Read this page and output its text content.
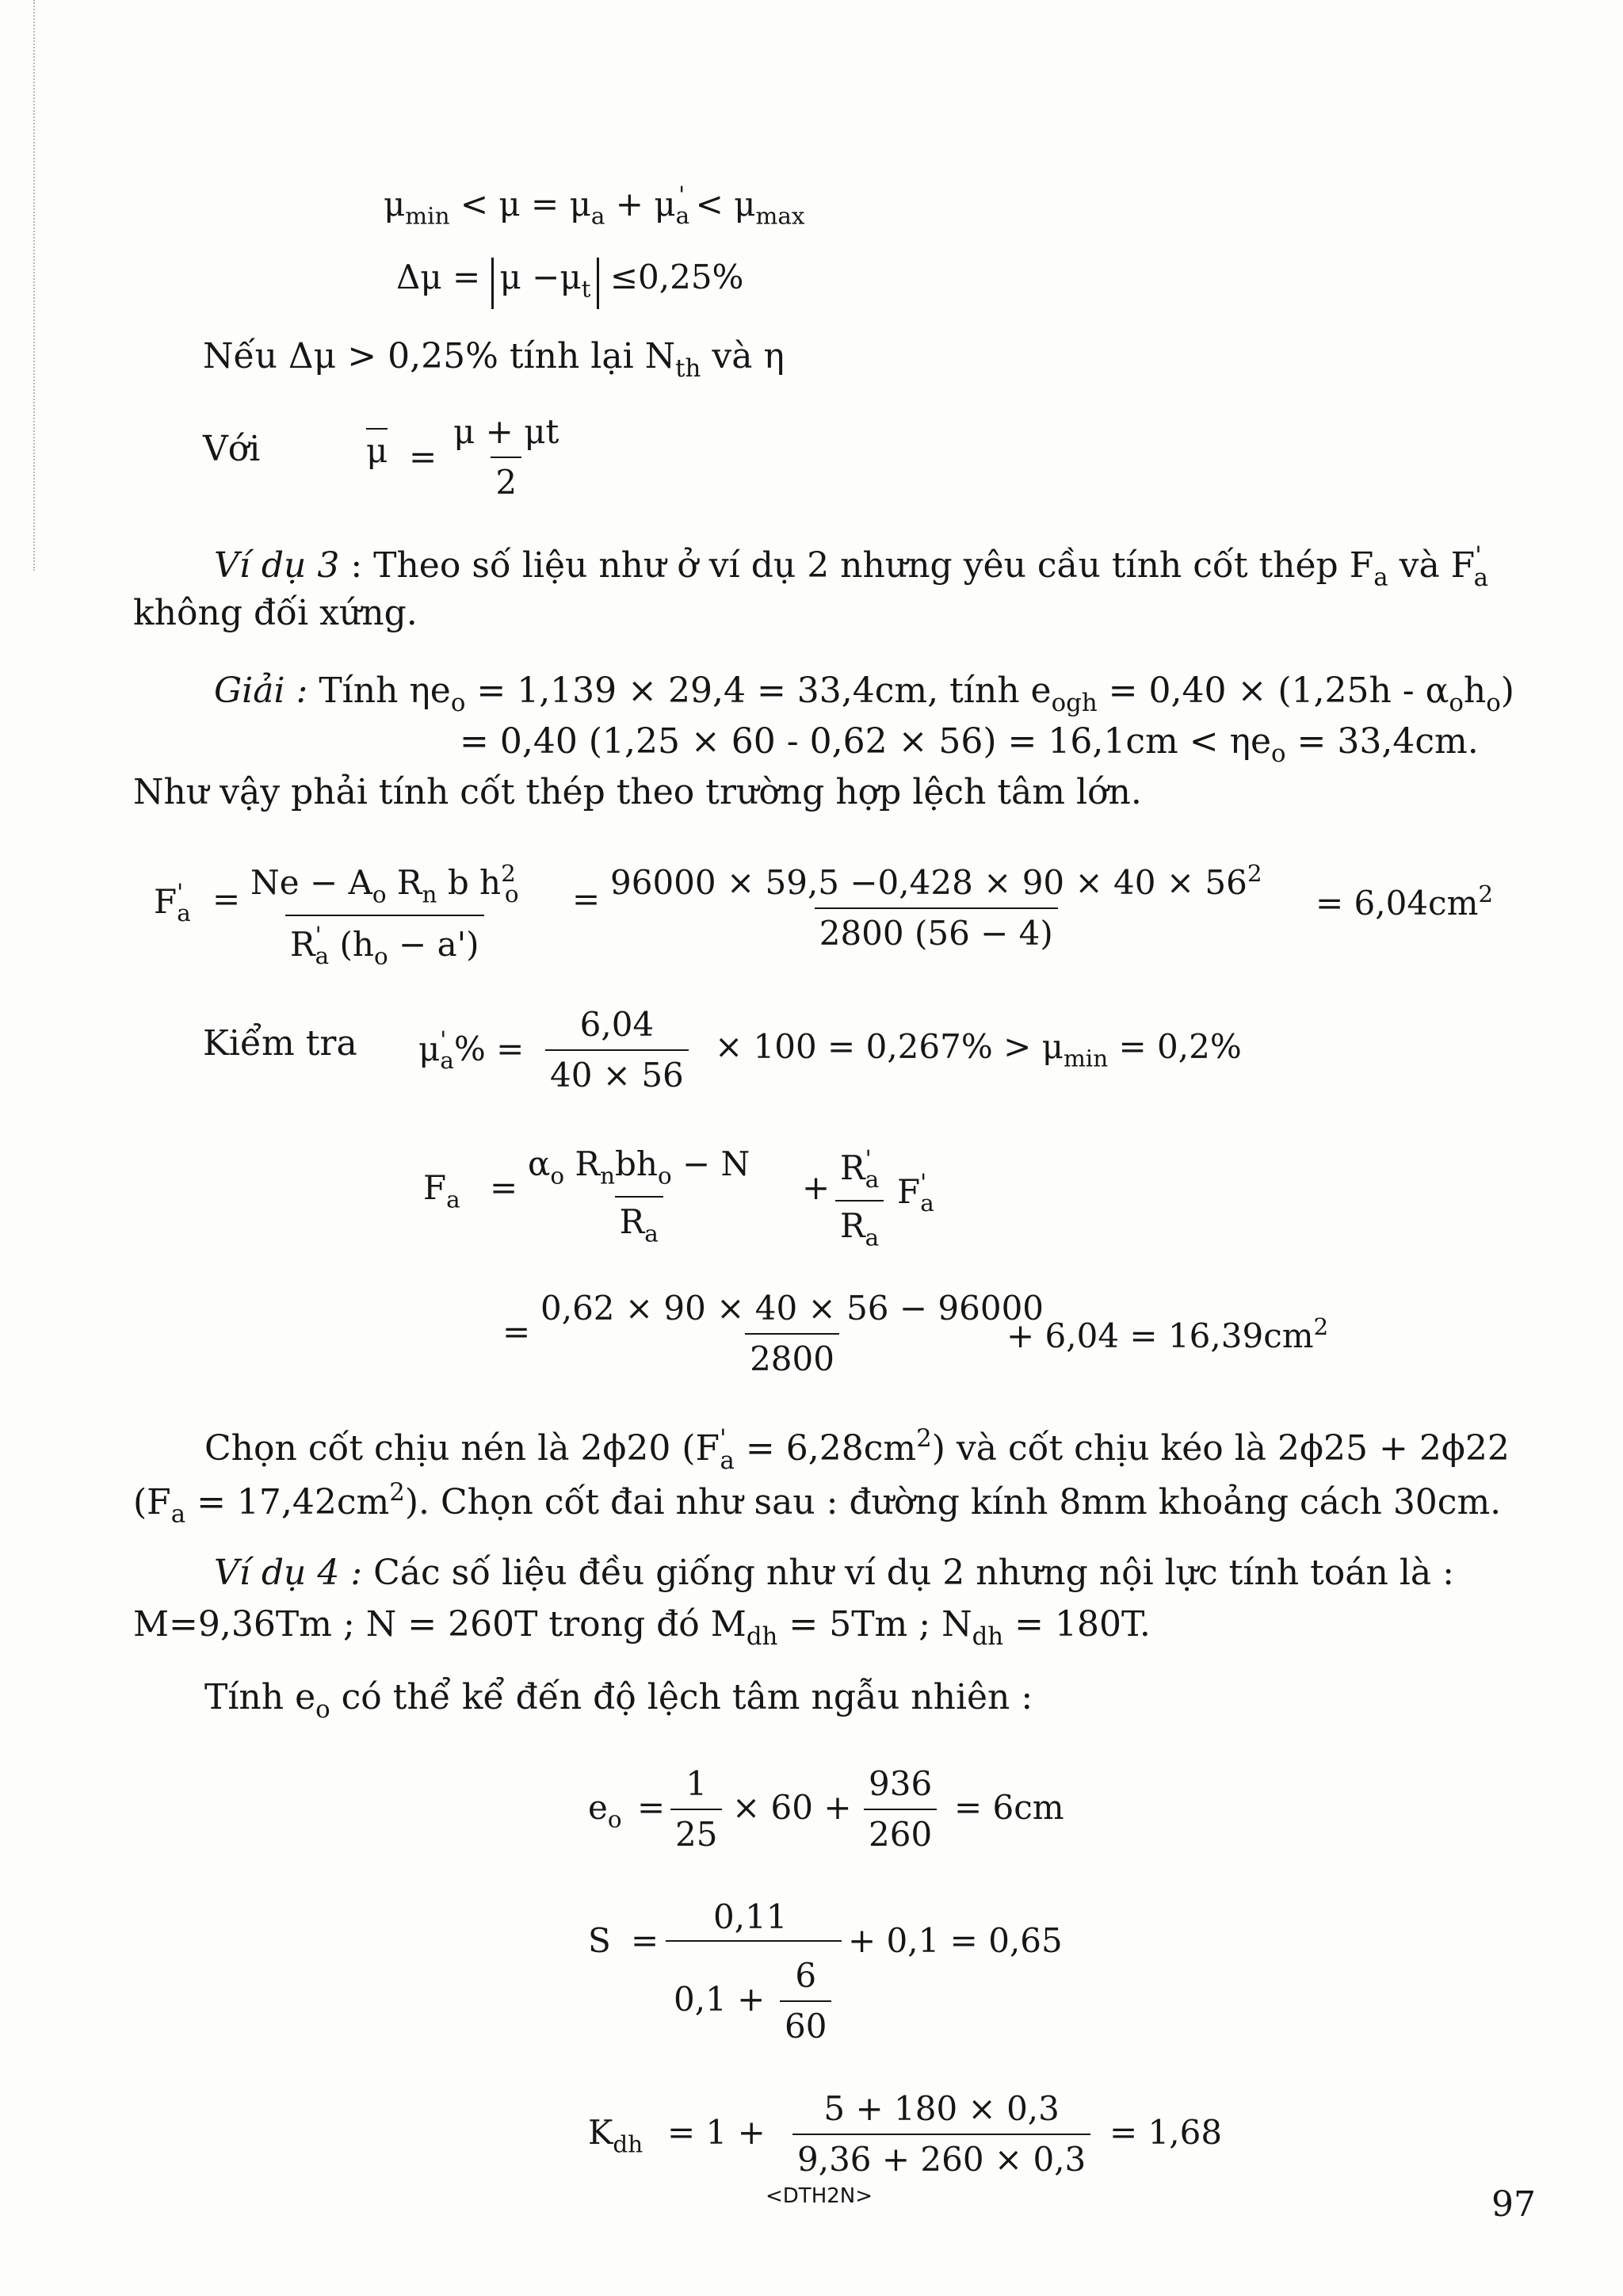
$\mu_{min} < \mu = \mu_a + \mu_a' < \mu_{max}$
$\Delta\mu = \mu -\mu_t \le 0,25\%$
Nếu Δμ > 0,25% tính lại $N_{th}$ và η
Với	$\mu = \frac{\mu + \mu t}{2}$
Ví dụ 3 : Theo số liệu như ở ví dụ 2 nhưng yêu cầu tính cốt thép $F_a$ và $F'_a$
không đối xứng.
Giải : Tính $\eta e_o = 1,139 \times 29,4 = 33,4cm$, tính $e_{ogh} = 0,40 \times (1,25h - \alpha_oh_o)$
= 0,40 $(1,25 \times 60 - 0,62 \times 56) = 16,1cm < \eta e_o = 33,4cm$.
Như vậy phải tính cốt thép theo trường hợp lệch tâm lớn.
$F'_a = \frac{Ne - A_o R_n b h^2_o}{R'_a (h_o - a')} = \frac{96000 \times 59,5 -0,428 \times 90 \times 40 \times 56^2}{2800 (56 - 4)} = 6,04cm^2$
Kiểm tra $\mu'_a\% = \frac{6,04}{40 \times 56} \times 100 = 0,267\% > \mu_{min} = 0,2\%$
$F_a$ =
$\alpha_o$ $R_nbh_o - N$
$R_a$
+ $\frac{R'_a}{R_a} F'_a$
= $\frac{0,62 \times 90 \times 40 \times 56 - 96000}{2800}$
+ $6,04 = 16,39cm^2$
Chọn cốt chịu nén là 2ϕ20 $(F'_a = 6,28cm^2)$ và cốt chịu kéo là 2ϕ25 + 2ϕ22
$(F_a = 17,42cm^2)$. Chọn cốt đai như sau : đường kính 8mm khoảng cách 30cm.
Ví dụ 4 : Các số liệu đều giống như ví dụ 2 nhưng nội lực tính toán là :
M=9,36Tm ; N = 260T trong đó $M_{dh} = 5Tm$ ; $N_{dh} = 180T$.
Tính $e_o$ có thể kể đến độ lệch tâm ngẫu nhiên :
$e_o = \frac{1}{25} \times 60 + \frac{936}{260} = 6cm$
S =
0,11
$0,1 + \frac{6}{60}$
+ 0,1 = 0,65
$K_{dh} = 1 + \frac{5 + 180 \times 0,3}{9,36 + 260 \times 0,3} = 1,68$
<DTH2N>	97
